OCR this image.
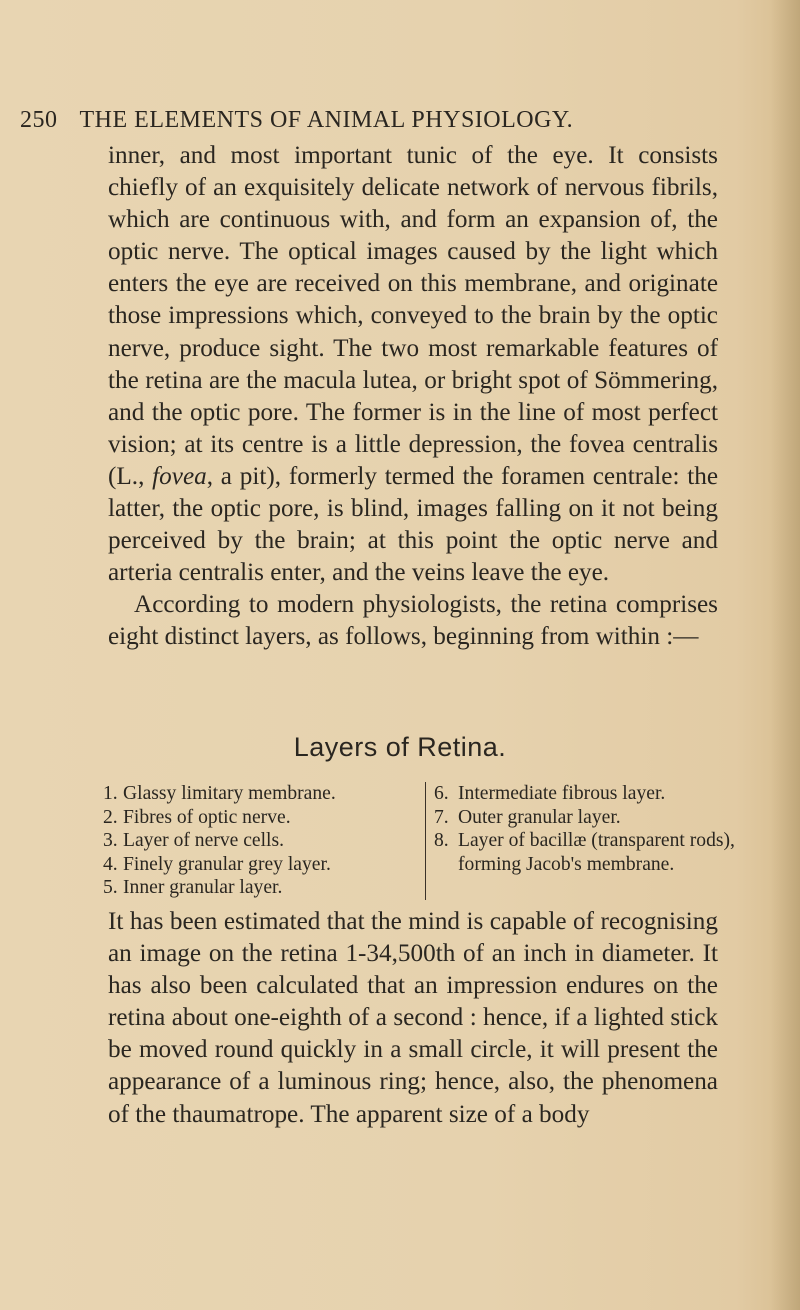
250 THE ELEMENTS OF ANIMAL PHYSIOLOGY.

inner, and most important tunic of the eye. It consists chiefly of an exquisitely delicate network of nervous fibrils, which are continuous with, and form an expansion of, the optic nerve. The optical images caused by the light which enters the eye are received on this membrane, and originate those impressions which, conveyed to the brain by the optic nerve, produce sight. The two most remarkable features of the retina are the macula lutea, or bright spot of Sömmering, and the optic pore. The former is in the line of most perfect vision; at its centre is a little depression, the fovea centralis (L., fovea, a pit), formerly termed the foramen centrale: the latter, the optic pore, is blind, images falling on it not being perceived by the brain; at this point the optic nerve and arteria centralis enter, and the veins leave the eye.

According to modern physiologists, the retina comprises eight distinct layers, as follows, beginning from within :—

Layers of Retina.
1. Glassy limitary membrane.
2. Fibres of optic nerve.
3. Layer of nerve cells.
4. Finely granular grey layer.
5. Inner granular layer.
6. Intermediate fibrous layer.
7. Outer granular layer.
8. Layer of bacillæ (transparent rods), forming Jacob's membrane.

It has been estimated that the mind is capable of recognising an image on the retina 1-34,500th of an inch in diameter. It has also been calculated that an impression endures on the retina about one-eighth of a second : hence, if a lighted stick be moved round quickly in a small circle, it will present the appearance of a luminous ring; hence, also, the phenomena of the thaumatrope. The apparent size of a body
